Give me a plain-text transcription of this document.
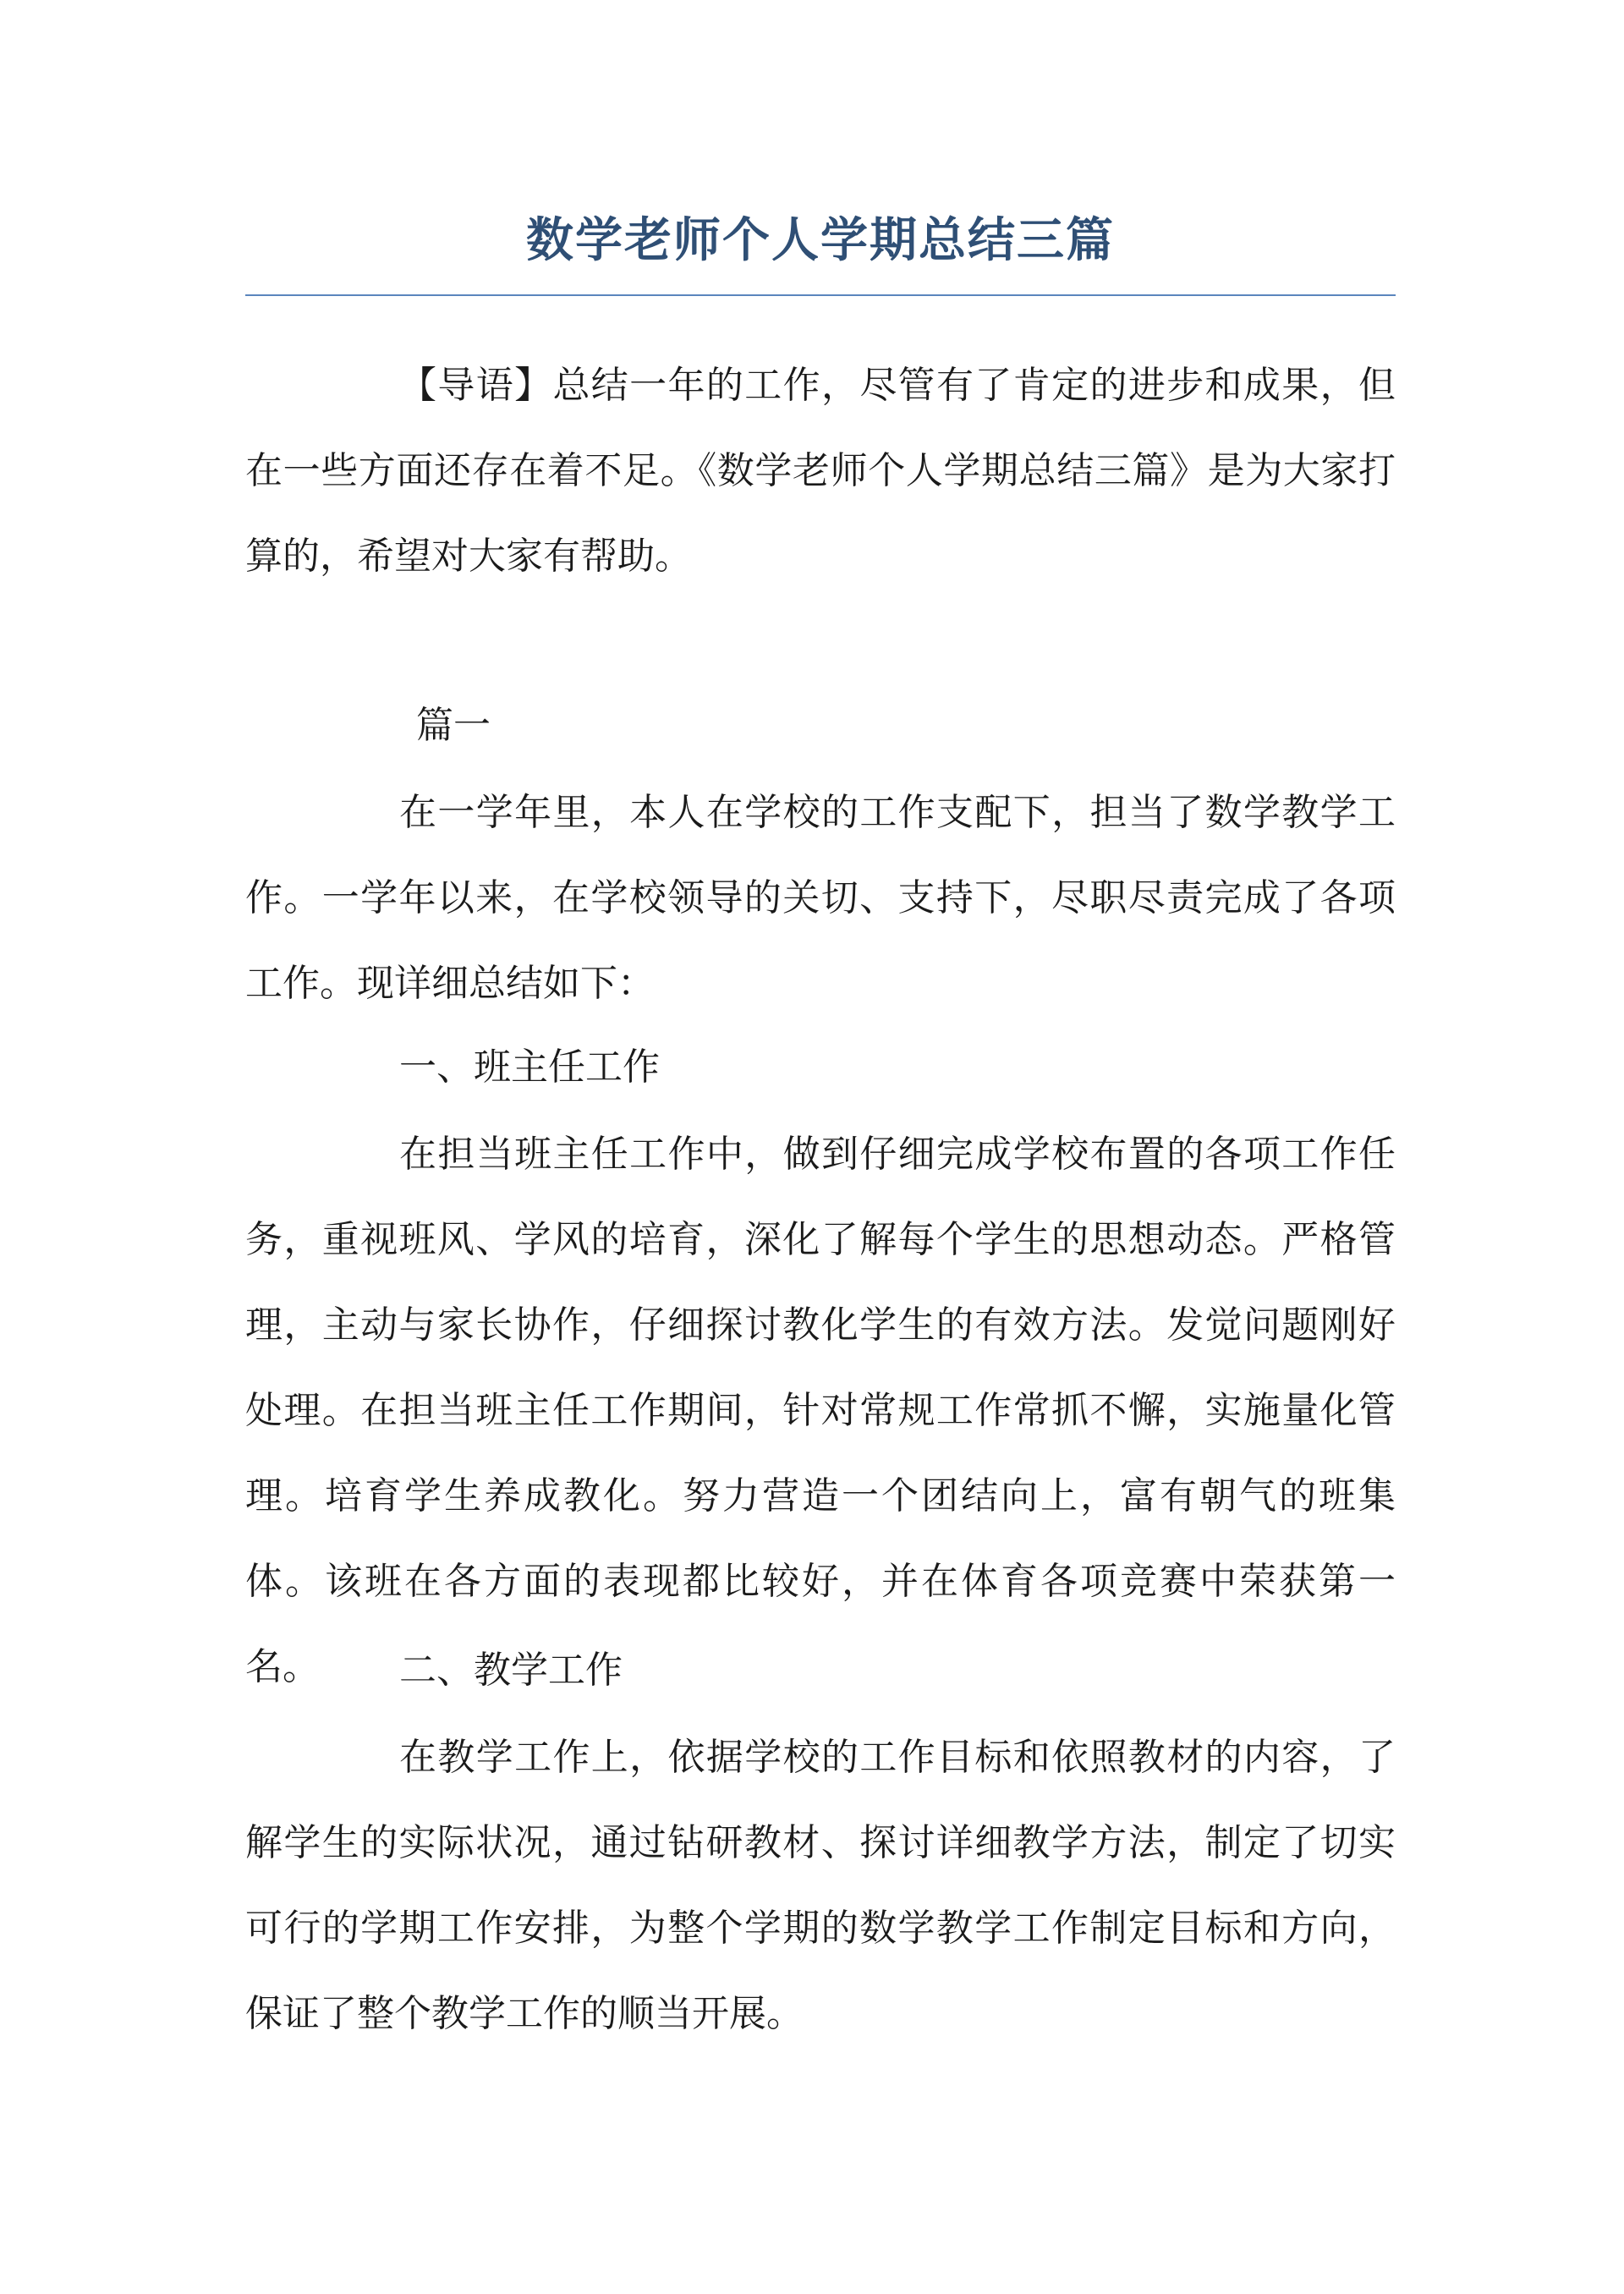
数学老师个人学期总结三篇

【导语】总结一年的工作，尽管有了肯定的进步和成果，但在一些方面还存在着不足。《数学老师个人学期总结三篇》是为大家打算的，希望对大家有帮助。

篇一

在一学年里，本人在学校的工作支配下，担当了数学教学工作。一学年以来，在学校领导的关切、支持下，尽职尽责完成了各项工作。现详细总结如下：

一、班主任工作

在担当班主任工作中，做到仔细完成学校布置的各项工作任务，重视班风、学风的培育，深化了解每个学生的思想动态。严格管理，主动与家长协作，仔细探讨教化学生的有效方法。发觉问题刚好处理。在担当班主任工作期间，针对常规工作常抓不懈，实施量化管理。培育学生养成教化。努力营造一个团结向上，富有朝气的班集体。该班在各方面的表现都比较好，并在体育各项竞赛中荣获第一名。	二、教学工作

在教学工作上，依据学校的工作目标和依照教材的内容，了解学生的实际状况，通过钻研教材、探讨详细教学方法，制定了切实可行的学期工作安排，为整个学期的数学教学工作制定目标和方向，保证了整个教学工作的顺当开展。
